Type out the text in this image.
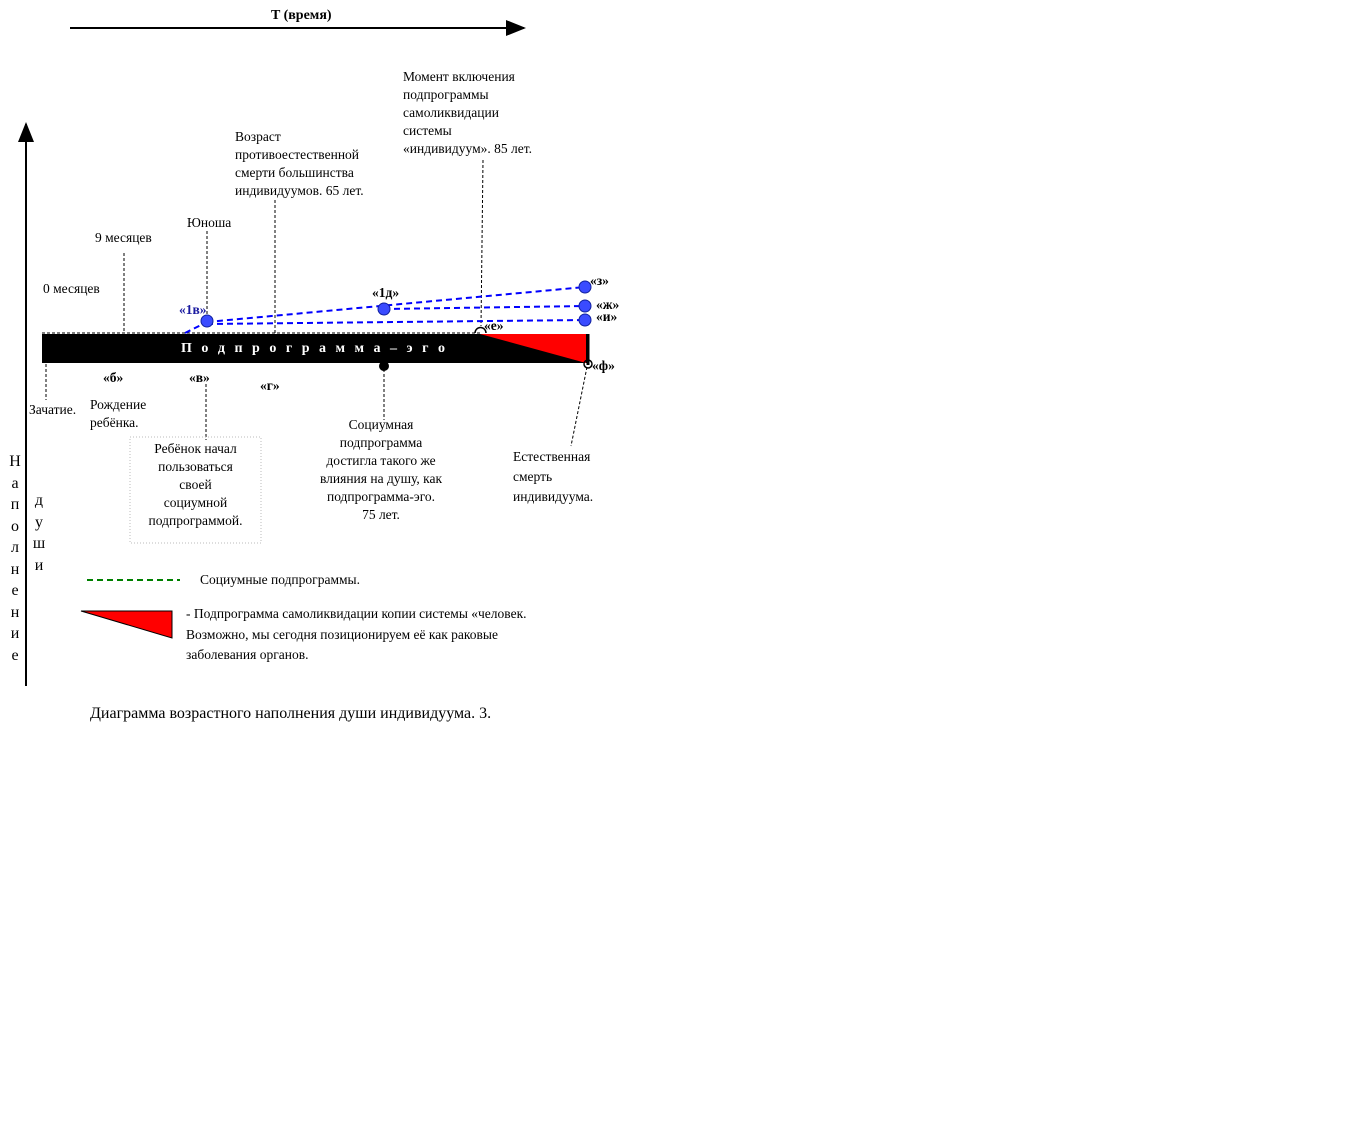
T (время)
Н
а
п
о
л
н
е
н
и
е
д
у
ш
и
0 месяцев
9 месяцев
Юноша
Возраст
противоестественной
смерти большинства
индивидуумов. 65 лет.
Момент включения
подпрограммы
самоликвидации
системы
«индивидуум». 85 лет.
«1в»
«1д»
«з»
«ж»
«и»
«е»
«ф»
«б»	«в»
«г»
П о д п р о г р а м м а – э г о
Зачатие. Рождение
ребёнка.
Ребёнок начал
пользоваться
своей
социумной
подпрограммой.
Социумная
подпрограмма
достигла такого же
влияния на душу, как
подпрограмма-эго.
75 лет.
Естественная
смерть
индивидуума.
Социумные подпрограммы.
- Подпрограмма самоликвидации копии системы «человек.
Возможно, мы сегодня позиционируем её как раковые
заболевания органов.
Диаграмма возрастного наполнения души индивидуума. 3.
